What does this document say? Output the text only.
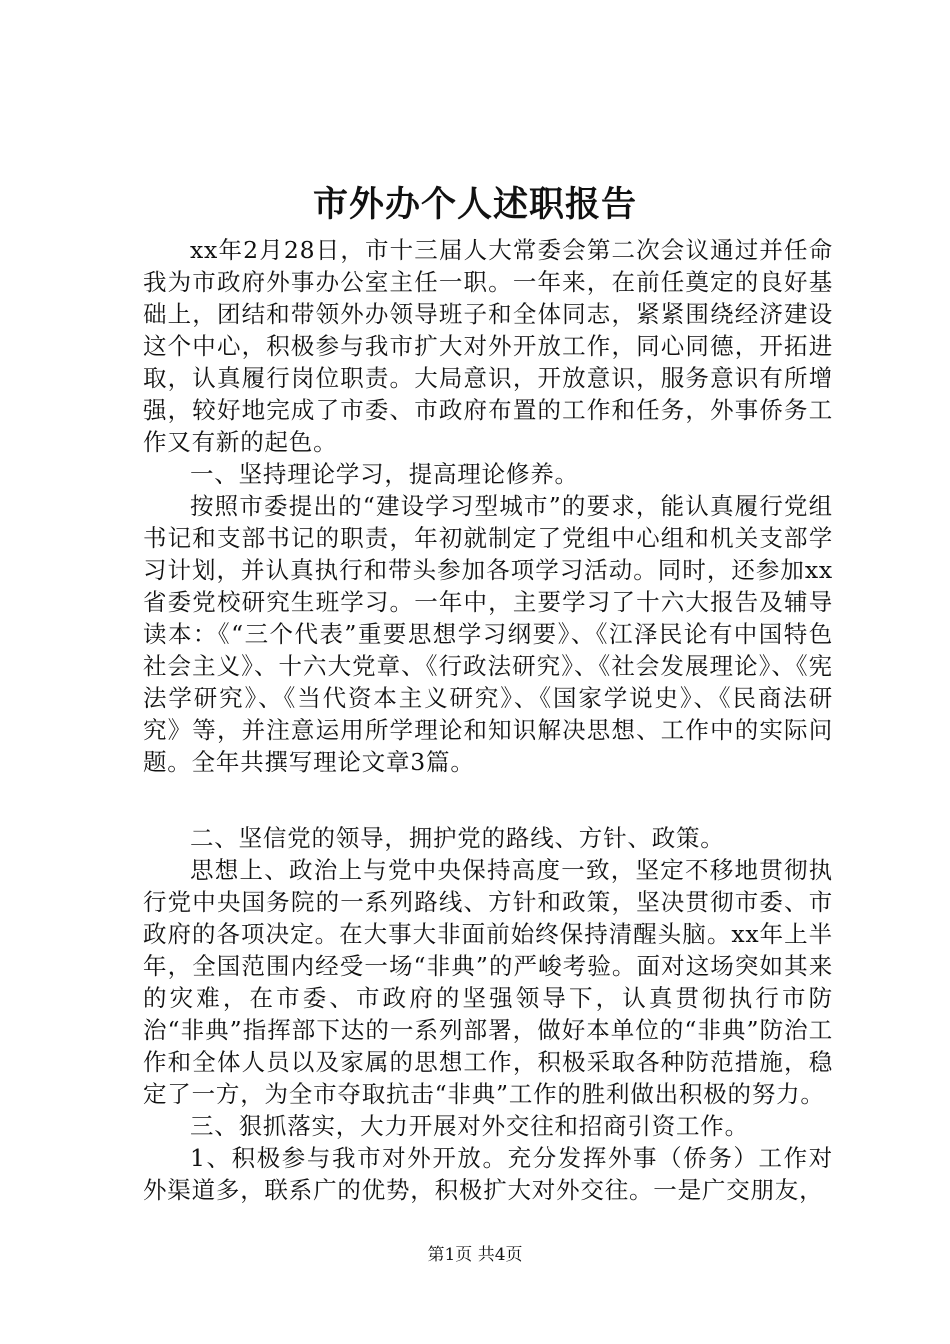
市外办个人述职报告

xx年2月28日，市十三届人大常委会第二次会议通过并任命我为市政府外事办公室主任一职。一年来，在前任奠定的良好基础上，团结和带领外办领导班子和全体同志，紧紧围绕经济建设这个中心，积极参与我市扩大对外开放工作，同心同德，开拓进取，认真履行岗位职责。大局意识，开放意识，服务意识有所增强，较好地完成了市委、市政府布置的工作和任务，外事侨务工作又有新的起色。

一、坚持理论学习，提高理论修养。

按照市委提出的“建设学习型城市”的要求，能认真履行党组书记和支部书记的职责，年初就制定了党组中心组和机关支部学习计划，并认真执行和带头参加各项学习活动。同时，还参加xx省委党校研究生班学习。一年中，主要学习了十六大报告及辅导读本：《“三个代表”重要思想学习纲要》、《江泽民论有中国特色社会主义》、十六大党章、《行政法研究》、《社会发展理论》、《宪法学研究》、《当代资本主义研究》、《国家学说史》、《民商法研究》等，并注意运用所学理论和知识解决思想、工作中的实际问题。全年共撰写理论文章3篇。

二、坚信党的领导，拥护党的路线、方针、政策。

思想上、政治上与党中央保持高度一致，坚定不移地贯彻执行党中央国务院的一系列路线、方针和政策，坚决贯彻市委、市政府的各项决定。在大事大非面前始终保持清醒头脑。xx年上半年，全国范围内经受一场“非典”的严峻考验。面对这场突如其来的灾难，在市委、市政府的坚强领导下，认真贯彻执行市防治“非典”指挥部下达的一系列部署，做好本单位的“非典”防治工作和全体人员以及家属的思想工作，积极采取各种防范措施，稳定了一方，为全市夺取抗击“非典”工作的胜利做出积极的努力。

三、狠抓落实，大力开展对外交往和招商引资工作。

1、积极参与我市对外开放。充分发挥外事（侨务）工作对外渠道多，联系广的优势，积极扩大对外交往。一是广交朋友，

第1页 共4页
